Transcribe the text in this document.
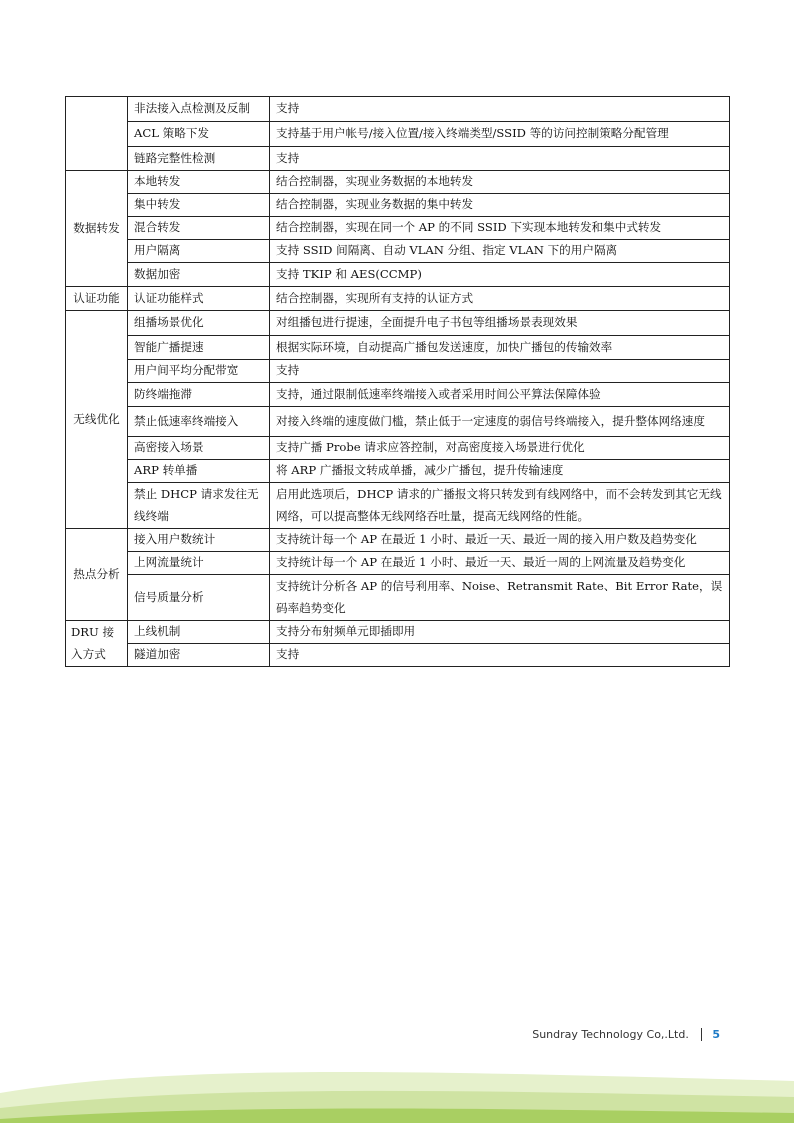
	非法接入点检测及反制	支持
	ACL 策略下发	支持基于用户帐号/接入位置/接入终端类型/SSID 等的访问控制策略分配管理
	链路完整性检测	支持
数据转发	本地转发	结合控制器，实现业务数据的本地转发
	集中转发	结合控制器，实现业务数据的集中转发
	混合转发	结合控制器，实现在同一个 AP 的不同 SSID 下实现本地转发和集中式转发
	用户隔离	支持 SSID 间隔离、自动 VLAN 分组、指定 VLAN 下的用户隔离
	数据加密	支持 TKIP 和 AES(CCMP)
认证功能	认证功能样式	结合控制器，实现所有支持的认证方式
无线优化	组播场景优化	对组播包进行提速，全面提升电子书包等组播场景表现效果
	智能广播提速	根据实际环境，自动提高广播包发送速度，加快广播包的传输效率
	用户间平均分配带宽	支持
	防终端拖滞	支持，通过限制低速率终端接入或者采用时间公平算法保障体验
	禁止低速率终端接入	对接入终端的速度做门槛，禁止低于一定速度的弱信号终端接入，提升整体网络速度
	高密接入场景	支持广播 Probe 请求应答控制，对高密度接入场景进行优化
	ARP 转单播	将 ARP 广播报文转成单播，减少广播包，提升传输速度
	禁止 DHCP 请求发往无线终端	启用此选项后，DHCP 请求的广播报文将只转发到有线网络中，而不会转发到其它无线网络，可以提高整体无线网络吞吐量，提高无线网络的性能。
热点分析	接入用户数统计	支持统计每一个 AP 在最近 1 小时、最近一天、最近一周的接入用户数及趋势变化
	上网流量统计	支持统计每一个 AP 在最近 1 小时、最近一天、最近一周的上网流量及趋势变化
	信号质量分析	支持统计分析各 AP 的信号利用率、Noise、Retransmit Rate、Bit Error Rate，误码率趋势变化
DRU 接入方式	上线机制	支持分布射频单元即插即用
	隧道加密	支持
Sundray Technology Co,.Ltd. 5
